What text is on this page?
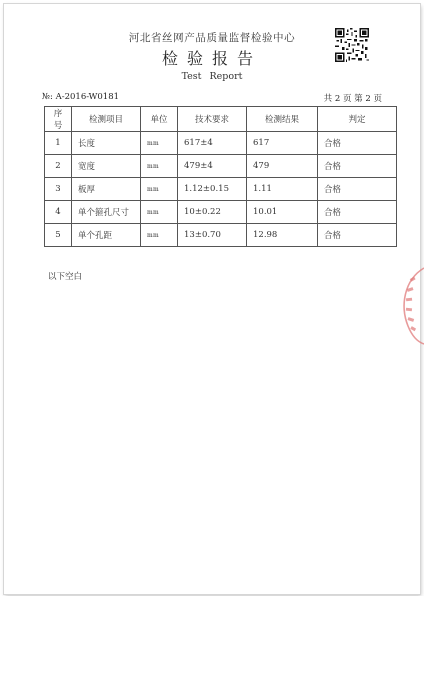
河北省丝网产品质量监督检验中心
检验报告
Test Report
№: A-2016-W0181	共 2 页 第 2 页
序号	检测项目	单位	技术要求	检测结果	判定
1	长度	mm	617±4	617	合格
2	宽度	mm	479±4	479	合格
3	板厚	mm	1.12±0.15	1.11	合格
4	单个箍孔尺寸	mm	10±0.22	10.01	合格
5	单个孔距	mm	13±0.70	12.98	合格
以下空白
